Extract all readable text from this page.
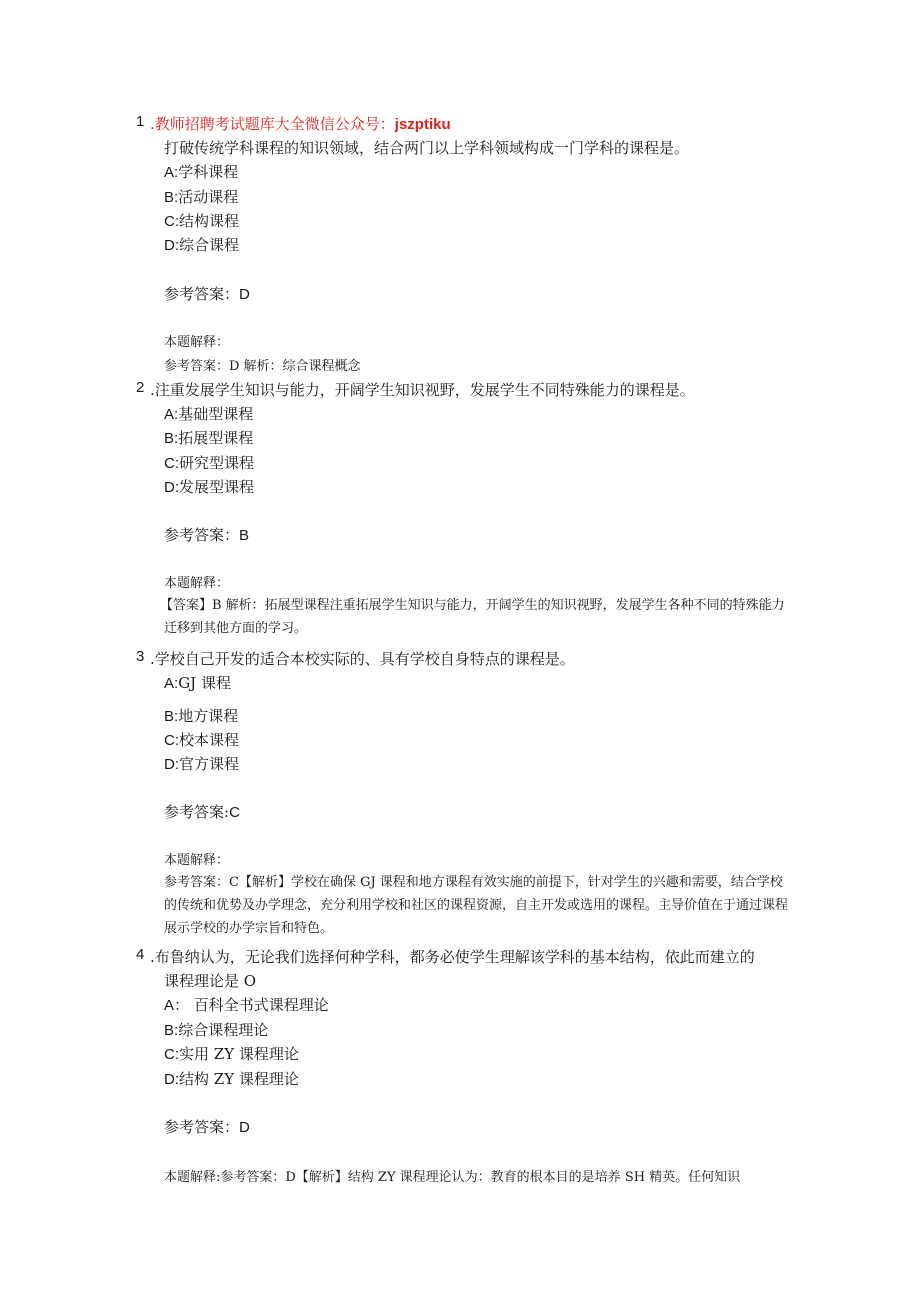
1 .教师招聘考试题库大全微信公众号：jszptiku
打破传统学科课程的知识领域，结合两门以上学科领域构成一门学科的课程是。
A:学科课程
B:活动课程
C:结构课程
D:综合课程
参考答案：D
本题解释：
参考答案：D 解析：综合课程概念
2 .注重发展学生知识与能力，开阔学生知识视野，发展学生不同特殊能力的课程是。
A:基础型课程
B:拓展型课程
C:研究型课程
D:发展型课程
参考答案：B
本题解释：
【答案】B 解析：拓展型课程注重拓展学生知识与能力，开阔学生的知识视野，发展学生各种不同的特殊能力迁移到其他方面的学习。
3 .学校自己开发的适合本校实际的、具有学校自身特点的课程是。
A:GJ 课程
B:地方课程
C:校本课程
D:官方课程
参考答案:C
本题解释：
参考答案：C【解析】学校在确保 GJ 课程和地方课程有效实施的前提下，针对学生的兴趣和需要，结合学校的传统和优势及办学理念，充分利用学校和社区的课程资源，自主开发或选用的课程。主导价值在于通过课程展示学校的办学宗旨和特色。
4 .布鲁纳认为，无论我们选择何种学科，都务必使学生理解该学科的基本结构，依此而建立的
课程理论是 O
A： 百科全书式课程理论
B:综合课程理论
C:实用 ZY 课程理论
D:结构 ZY 课程理论
参考答案：D
本题解释:参考答案：D【解析】结构 ZY 课程理论认为：教育的根本目的是培养 SH 精英。任何知识
